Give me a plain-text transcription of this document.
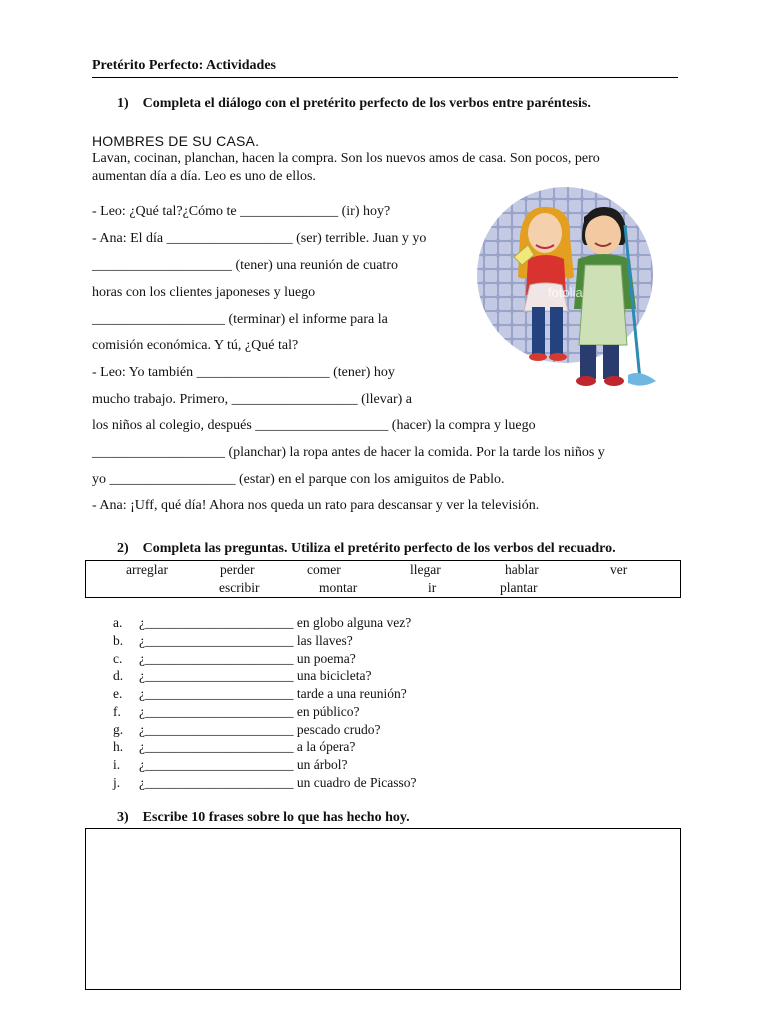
Pretérito Perfecto: Actividades
1)    Completa el diálogo con el pretérito perfecto de los verbos entre paréntesis.
HOMBRES DE SU CASA.
Lavan, cocinan, planchan, hacen la compra. Son los nuevos amos de casa. Son pocos, pero
aumentan día a día. Leo es uno de ellos.
- Leo: ¿Qué tal?¿Cómo te ______________ (ir) hoy?
- Ana: El día __________________ (ser) terrible. Juan y yo
____________________ (tener) una reunión de cuatro
horas con los clientes japoneses y luego
___________________ (terminar) el informe para la
comisión económica. Y tú, ¿Qué tal?
- Leo: Yo también ___________________ (tener) hoy
mucho trabajo. Primero, __________________ (llevar) a
los niños al colegio, después ___________________ (hacer) la compra y luego
___________________ (planchar) la ropa antes de hacer la comida. Por la tarde los niños y
yo __________________ (estar) en el parque con los amiguitos de Pablo.
- Ana: ¡Uff, qué día! Ahora nos queda un rato para descansar y ver la televisión.
fotolia
2)    Completa las preguntas. Utiliza el pretérito perfecto de los verbos del recuadro.
arreglar	perder	comer	llegar	hablar	ver
escribir	montar	ir	plantar
a. ¿______________________ en globo alguna vez?
b. ¿______________________ las llaves?
c. ¿______________________ un poema?
d. ¿______________________ una bicicleta?
e. ¿______________________ tarde a una reunión?
f. ¿______________________ en público?
g. ¿______________________ pescado crudo?
h. ¿______________________ a la ópera?
i. ¿______________________ un árbol?
j. ¿______________________ un cuadro de Picasso?
3)    Escribe 10 frases sobre lo que has hecho hoy.
